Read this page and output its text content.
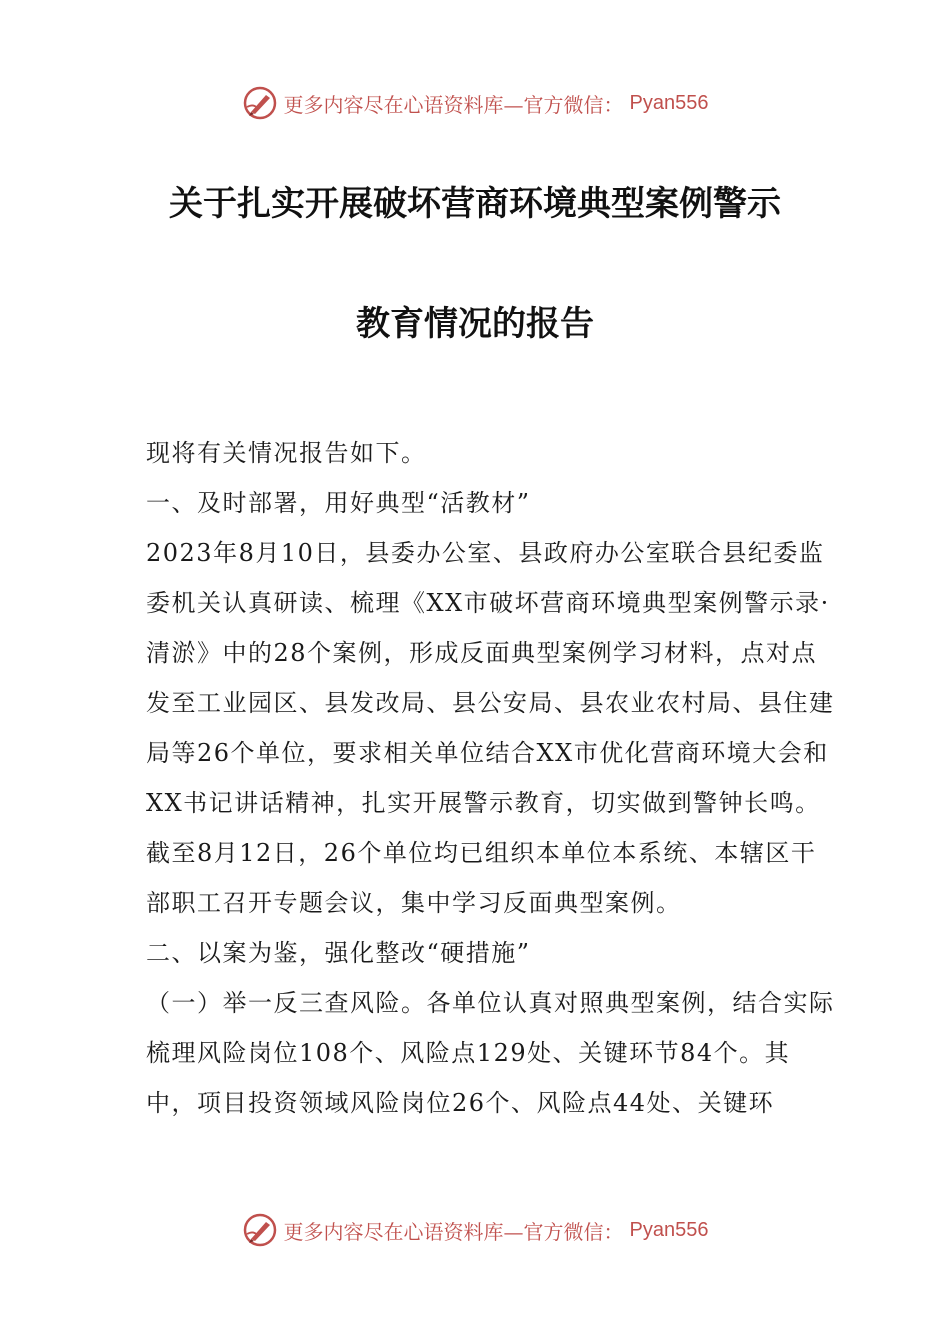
更多内容尽在心语资料库—官方微信： Pyan556
关于扎实开展破坏营商环境典型案例警示
教育情况的报告

现将有关情况报告如下。

一、及时部署，用好典型“活教材”

2023年8月10日，县委办公室、县政府办公室联合县纪委监委机关认真研读、梳理《XX市破坏营商环境典型案例警示录·清淤》中的28个案例，形成反面典型案例学习材料，点对点发至工业园区、县发改局、县公安局、县农业农村局、县住建局等26个单位，要求相关单位结合XX市优化营商环境大会和XX书记讲话精神，扎实开展警示教育，切实做到警钟长鸣。截至8月12日，26个单位均已组织本单位本系统、本辖区干部职工召开专题会议，集中学习反面典型案例。

二、以案为鉴，强化整改“硬措施”

（一）举一反三查风险。各单位认真对照典型案例，结合实际梳理风险岗位108个、风险点129处、关键环节84个。其中，项目投资领域风险岗位26个、风险点44处、关键环

更多内容尽在心语资料库—官方微信： Pyan556
